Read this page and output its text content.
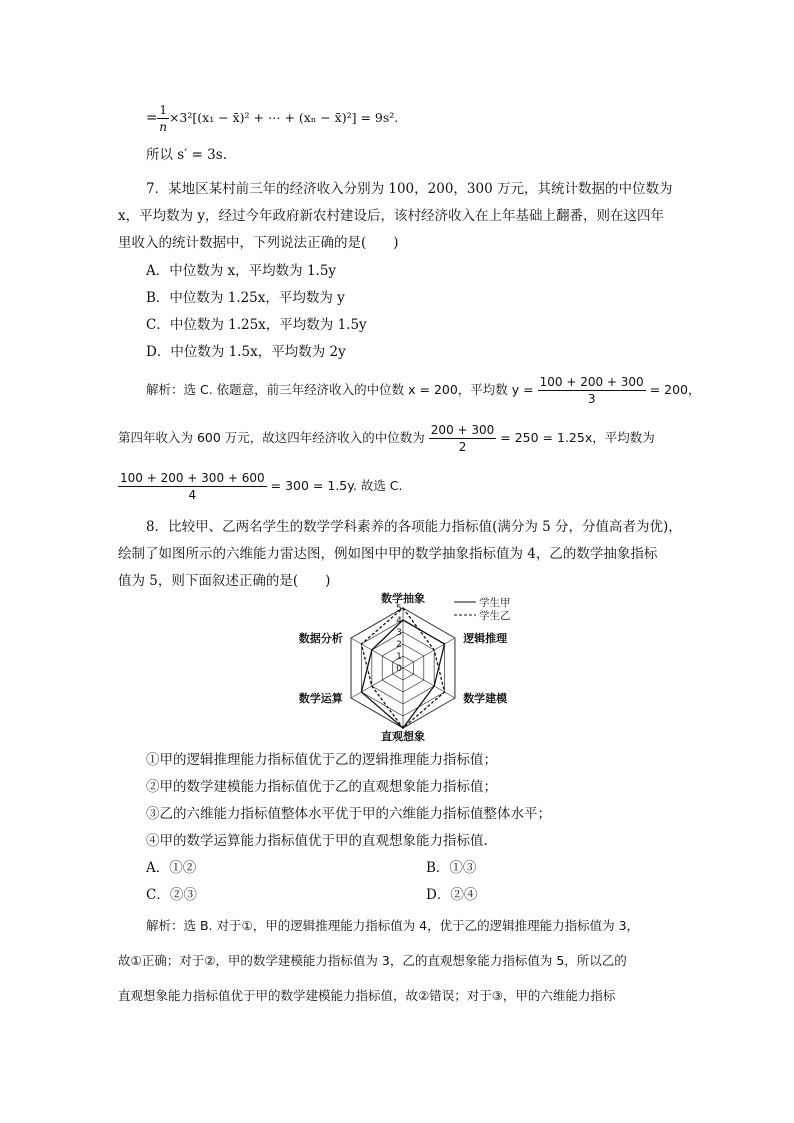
= $\frac{1}{n} \times 3^2[(x_1$ − x̄)² + ⋯ + (xₙ − x̄)²] = 9s².
所以 s′ = 3s.
7．某地区某村前三年的经济收入分别为 100，200，300 万元，其统计数据的中位数为
x，平均数为 y，经过今年政府新农村建设后，该村经济收入在上年基础上翻番，则在这四年
里收入的统计数据中，下列说法正确的是(　　)
A．中位数为 x，平均数为 1.5y
B．中位数为 1.25x，平均数为 y
C．中位数为 1.25x，平均数为 1.5y
D．中位数为 1.5x，平均数为 2y
解析：选 C. 依题意，前三年经济收入的中位数 x = 200，平均数 $y = \frac{100 + 200 + 300}{3} = 200$，
第四年收入为 600 万元，故这四年经济收入的中位数为 $\frac{200 + 300}{2} = 250 = 1.25x$，平均数为
$\frac{100 + 200 + 300 + 600}{4} = 300 = 1.5y$. 故选 C.
8．比较甲、乙两名学生的数学学科素养的各项能力指标值(满分为 5 分，分值高者为优)，
绘制了如图所示的六维能力雷达图，例如图中甲的数学抽象指标值为 4，乙的数学抽象指标
值为 5，则下面叙述正确的是(　　)
0
1
2
3
4
5
数学抽象
逻辑推理
数学建模
直观想象
数学运算
数据分析
学生甲
学生乙
①甲的逻辑推理能力指标值优于乙的逻辑推理能力指标值；
②甲的数学建模能力指标值优于乙的直观想象能力指标值；
③乙的六维能力指标值整体水平优于甲的六维能力指标值整体水平；
④甲的数学运算能力指标值优于甲的直观想象能力指标值.
A．①②	B．①③
C．②③	D．②④
解析：选 B. 对于①，甲的逻辑推理能力指标值为 4，优于乙的逻辑推理能力指标值为 3，
故①正确；对于②，甲的数学建模能力指标值为 3，乙的直观想象能力指标值为 5，所以乙的
直观想象能力指标值优于甲的数学建模能力指标值，故②错误；对于③，甲的六维能力指标
